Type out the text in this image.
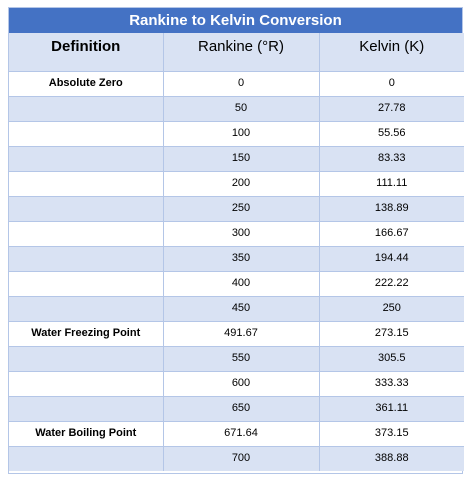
Rankine to Kelvin Conversion
Definition	Rankine (°R)	Kelvin (K)
Absolute Zero	0	0
	50	27.78
	100	55.56
	150	83.33
	200	111.11
	250	138.89
	300	166.67
	350	194.44
	400	222.22
	450	250
Water Freezing Point	491.67	273.15
	550	305.5
	600	333.33
	650	361.11
Water Boiling Point	671.64	373.15
	700	388.88
